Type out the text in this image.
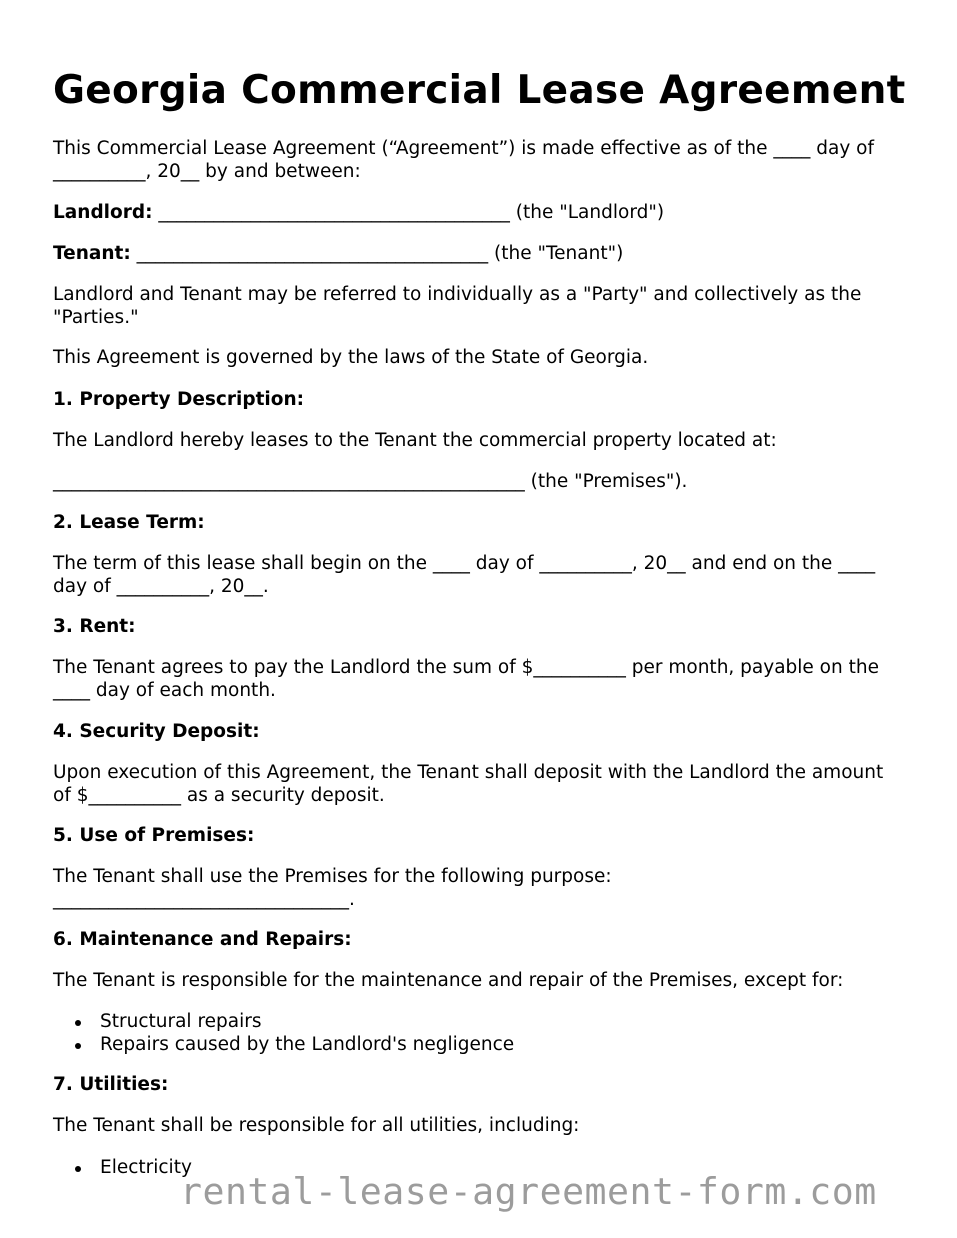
Georgia Commercial Lease Agreement

This Commercial Lease Agreement (“Agreement”) is made effective as of the ____ day of __________, 20__ by and between:

Landlord: ______________________________________ (the "Landlord")

Tenant: ______________________________________ (the "Tenant")

Landlord and Tenant may be referred to individually as a "Party" and collectively as the "Parties."

This Agreement is governed by the laws of the State of Georgia.

1. Property Description:

The Landlord hereby leases to the Tenant the commercial property located at:

___________________________________________________ (the "Premises").

2. Lease Term:

The term of this lease shall begin on the ____ day of __________, 20__ and end on the ____ day of __________, 20__.

3. Rent:

The Tenant agrees to pay the Landlord the sum of $__________ per month, payable on the ____ day of each month.

4. Security Deposit:

Upon execution of this Agreement, the Tenant shall deposit with the Landlord the amount of $__________ as a security deposit.

5. Use of Premises:

The Tenant shall use the Premises for the following purpose: ________________________________.

6. Maintenance and Repairs:

The Tenant is responsible for the maintenance and repair of the Premises, except for:

Structural repairs
Repairs caused by the Landlord's negligence

7. Utilities:

The Tenant shall be responsible for all utilities, including:

Electricity
rental-lease-agreement-form.com
